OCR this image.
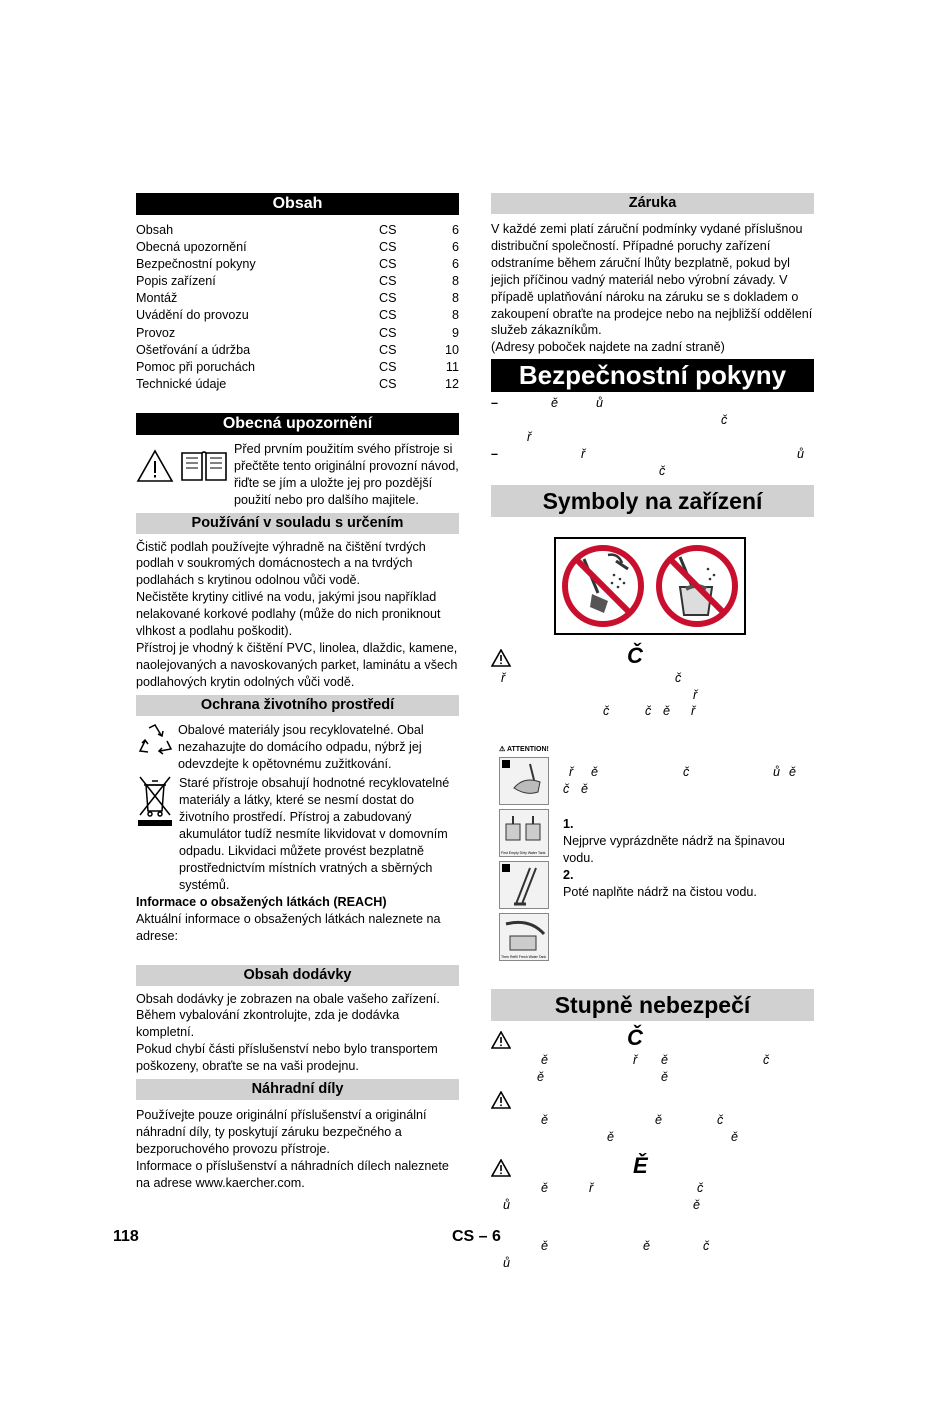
Obsah
Obsah	CS	6
Obecná upozornění	CS	6
Bezpečnostní pokyny	CS	6
Popis zařízení	CS	8
Montáž	CS	8
Uvádění do provozu	CS	8
Provoz	CS	9
Ošetřování a údržba	CS	10
Pomoc při poruchách	CS	11
Technické údaje	CS	12
Obecná upozornění

Před prvním použitím svého přístroje si přečtěte tento originální provozní návod, řiďte se jím a uložte jej pro pozdější použití nebo pro dalšího majitele.

Používání v souladu s určením

Čistič podlah používejte výhradně na čištění tvrdých podlah v soukromých domácnostech a na tvrdých podlahách s krytinou odolnou vůči vodě.

Nečistěte krytiny citlivé na vodu, jakými jsou například nelakované korkové podlahy (může do nich proniknout vlhkost a podlahu poškodit).

Přístroj je vhodný k čištění PVC, linolea, dlaždic, kamene, naolejovaných a navoskovaných parket, laminátu a všech podlahových krytin odolných vůči vodě.

Ochrana životního prostředí

Obalové materiály jsou recyklovatelné. Obal nezahazujte do domácího odpadu, nýbrž jej odevzdejte k opětovnému zužitkování.

Staré přístroje obsahují hodnotné recyklovatelné materiály a látky, které se nesmí dostat do životního prostředí. Přístroj a zabudovaný akumulátor tudíž nesmíte likvidovat v domovním odpadu. Likvidaci můžete provést bezplatně prostřednictvím místních vratných a sběrných systémů.

Informace o obsažených látkách (REACH)

Aktuální informace o obsažených látkách naleznete na adrese:

Obsah dodávky

Obsah dodávky je zobrazen na obale vašeho zařízení. Během vybalování zkontrolujte, zda je dodávka kompletní.

Pokud chybí části příslušenství nebo bylo transportem poškozeny, obraťte se na vaši prodejnu.

Náhradní díly

Používejte pouze originální příslušenství a originální náhradní díly, ty poskytují záruku bezpečného a bezporuchového provozu přístroje.

Informace o příslušenství a náhradních dílech naleznete na adrese www.kaercher.com.

Záruka

V každé zemi platí záruční podmínky vydané příslušnou distribuční společností. Případné poruchy zařízení odstraníme během záruční lhůty bezplatně, pokud byl jejich příčinou vadný materiál nebo výrobní závady. V případě uplatňování nároku na záruku se s dokladem o zakoupení obraťte na prodejce nebo na nejbližší oddělení služeb zákazníkům.

(Adresy poboček najdete na zadní straně)

Bezpečnostní pokyny
–	ě	ů
č
ř
–	ř	ů
č
Symboly na zařízení
Č
ř	č
ř
č	č ě ř
⚠ ATTENTION!
First Empty Dirty Water Tank
Then Refill Fresh Water Tank
ř ě	č	ů ě
č ě

1.

Nejprve vyprázdněte nádrž na špinavou vodu.

2.

Poté naplňte nádrž na čistou vodu.

Stupně nebezpečí
Č
ě	ř ě	č
ě	ě
ě	ě	č
ě	ě
Ě
ě	ř	č
ů	ě
ě	ě	č
ů
118	CS – 6
